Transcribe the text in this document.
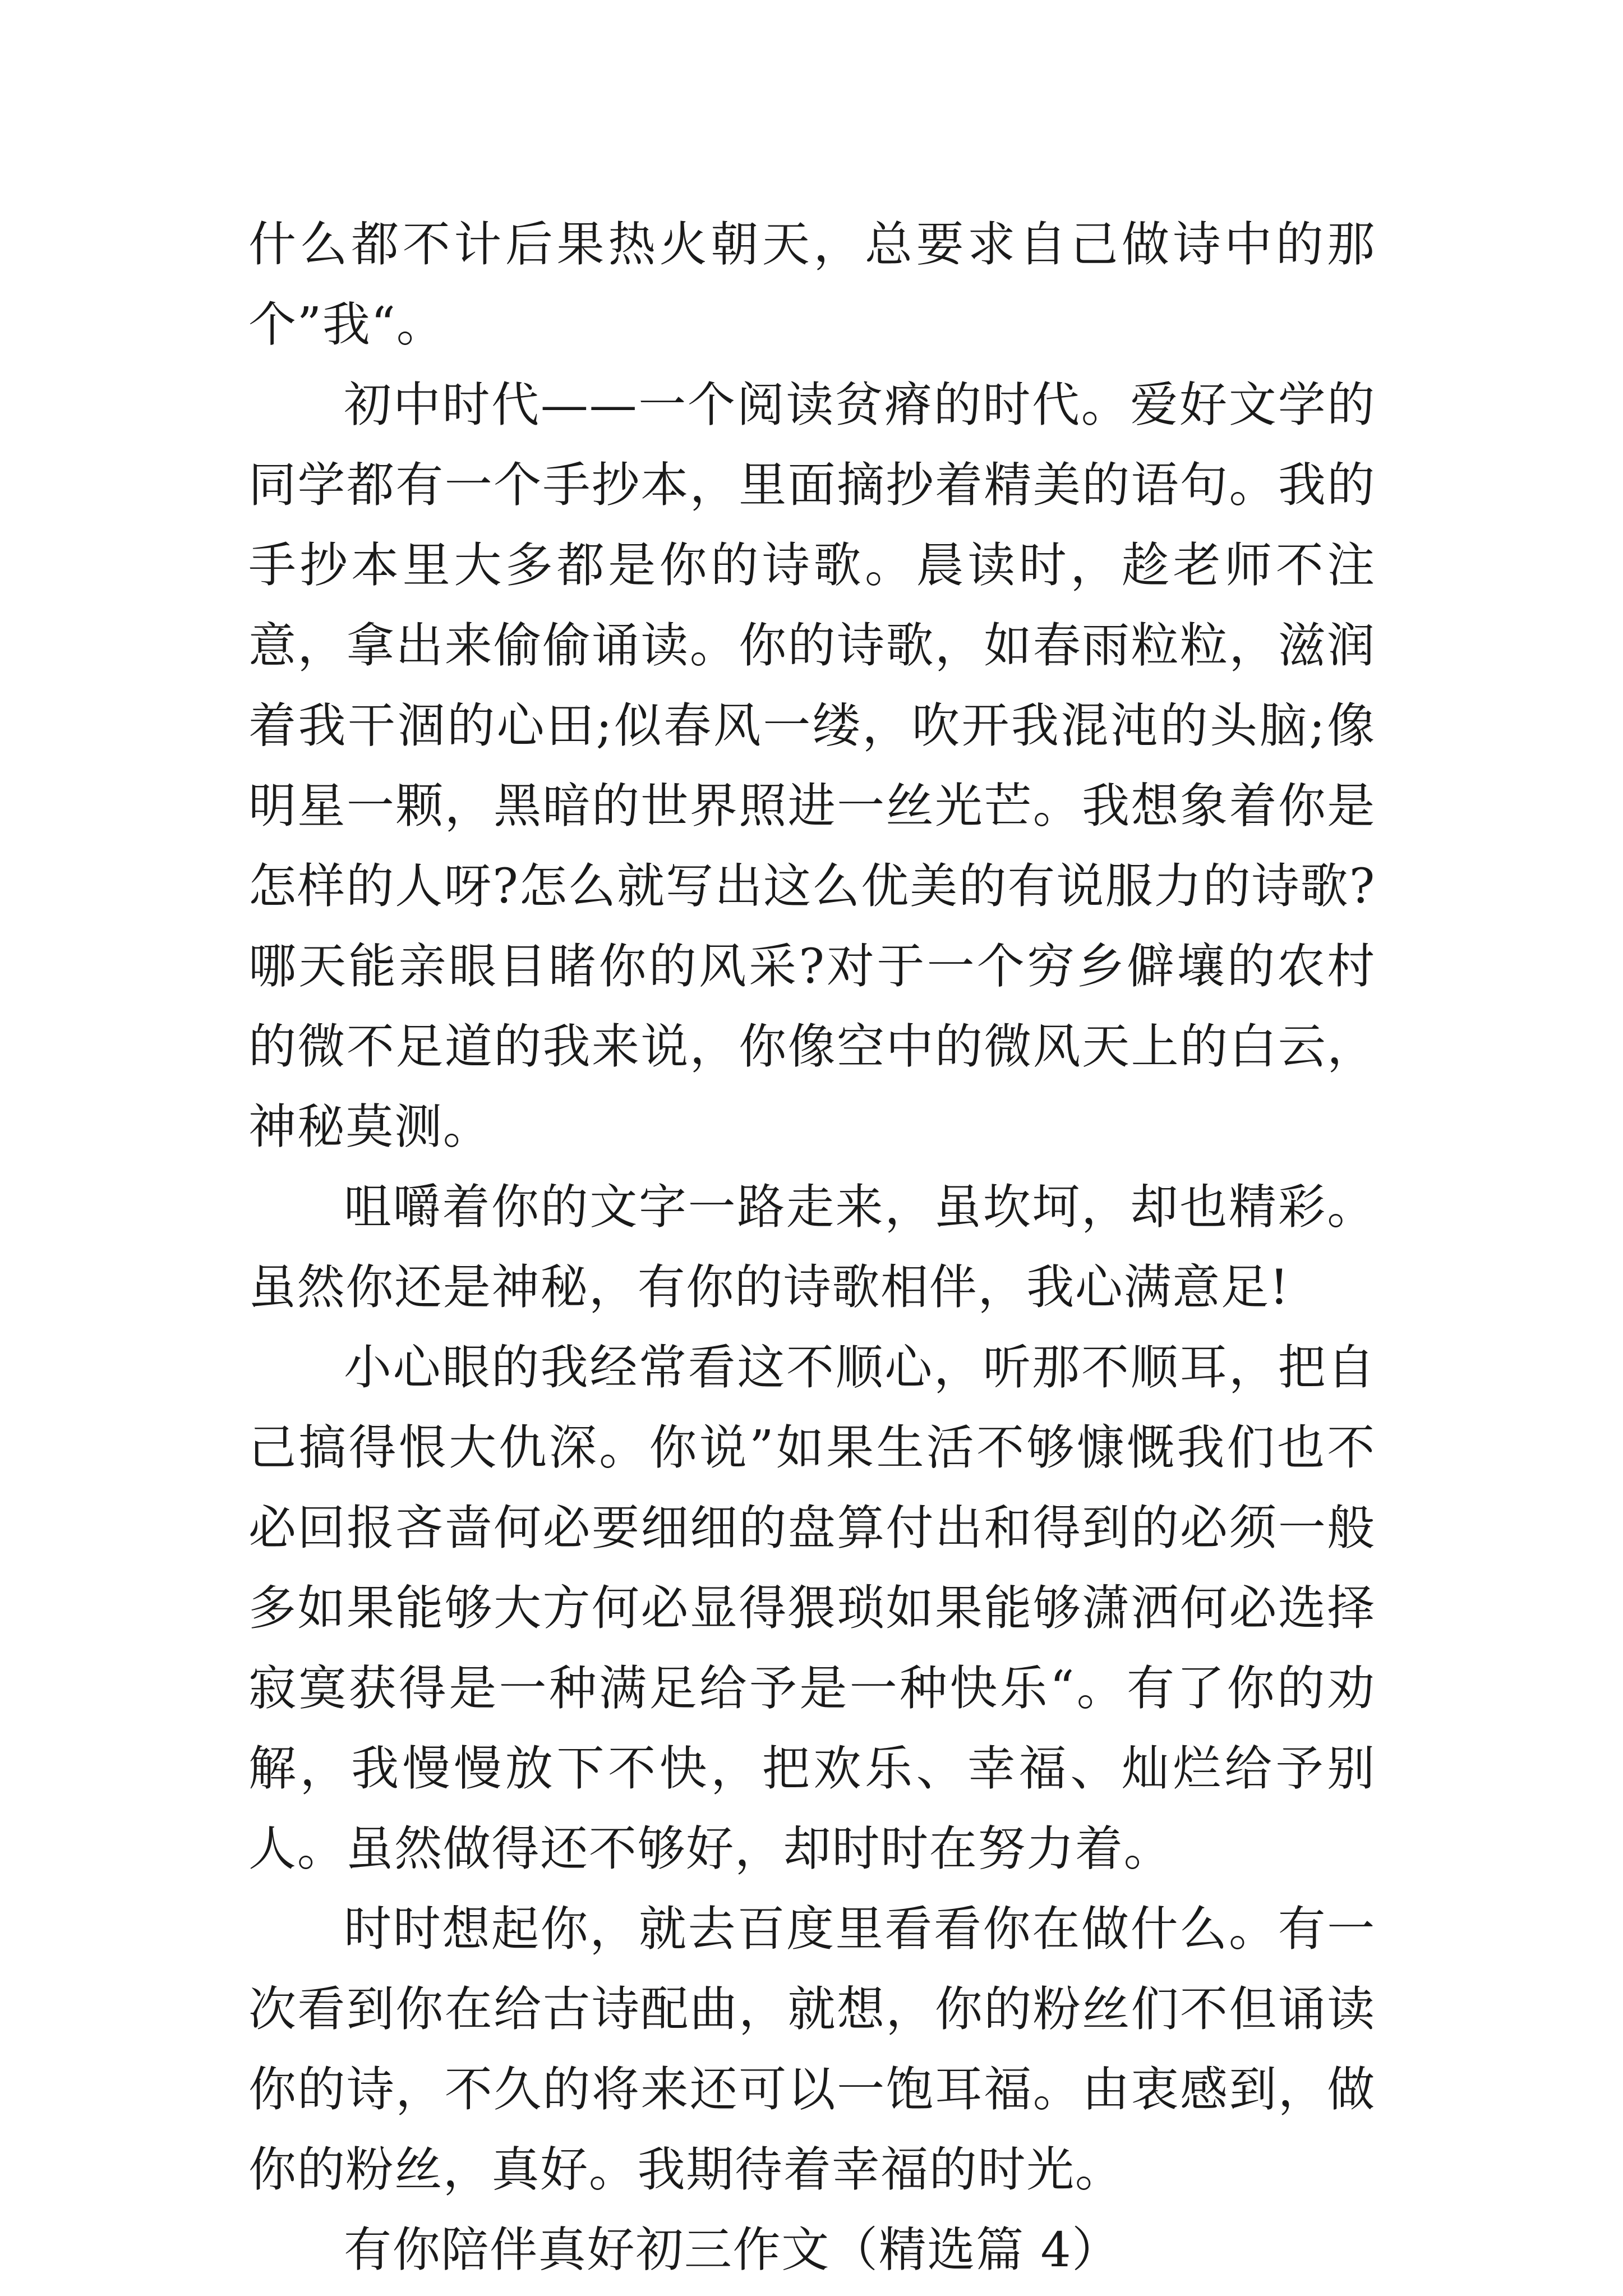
什么都不计后果热火朝天，总要求自己做诗中的那个”我“。

初中时代——一个阅读贫瘠的时代。爱好文学的同学都有一个手抄本，里面摘抄着精美的语句。我的手抄本里大多都是你的诗歌。晨读时，趁老师不注意，拿出来偷偷诵读。你的诗歌，如春雨粒粒，滋润着我干涸的心田;似春风一缕，吹开我混沌的头脑;像明星一颗，黑暗的世界照进一丝光芒。我想象着你是怎样的人呀?怎么就写出这么优美的有说服力的诗歌?哪天能亲眼目睹你的风采?对于一个穷乡僻壤的农村的微不足道的我来说，你像空中的微风天上的白云，神秘莫测。

咀嚼着你的文字一路走来，虽坎坷，却也精彩。虽然你还是神秘，有你的诗歌相伴，我心满意足!

小心眼的我经常看这不顺心，听那不顺耳，把自己搞得恨大仇深。你说”如果生活不够慷慨我们也不必回报吝啬何必要细细的盘算付出和得到的必须一般多如果能够大方何必显得猥琐如果能够潇洒何必选择寂寞获得是一种满足给予是一种快乐“。有了你的劝解，我慢慢放下不快，把欢乐、幸福、灿烂给予别人。虽然做得还不够好，却时时在努力着。

时时想起你，就去百度里看看你在做什么。有一次看到你在给古诗配曲，就想，你的粉丝们不但诵读你的诗，不久的将来还可以一饱耳福。由衷感到，做你的粉丝，真好。我期待着幸福的时光。

有你陪伴真好初三作文（精选篇 4）
